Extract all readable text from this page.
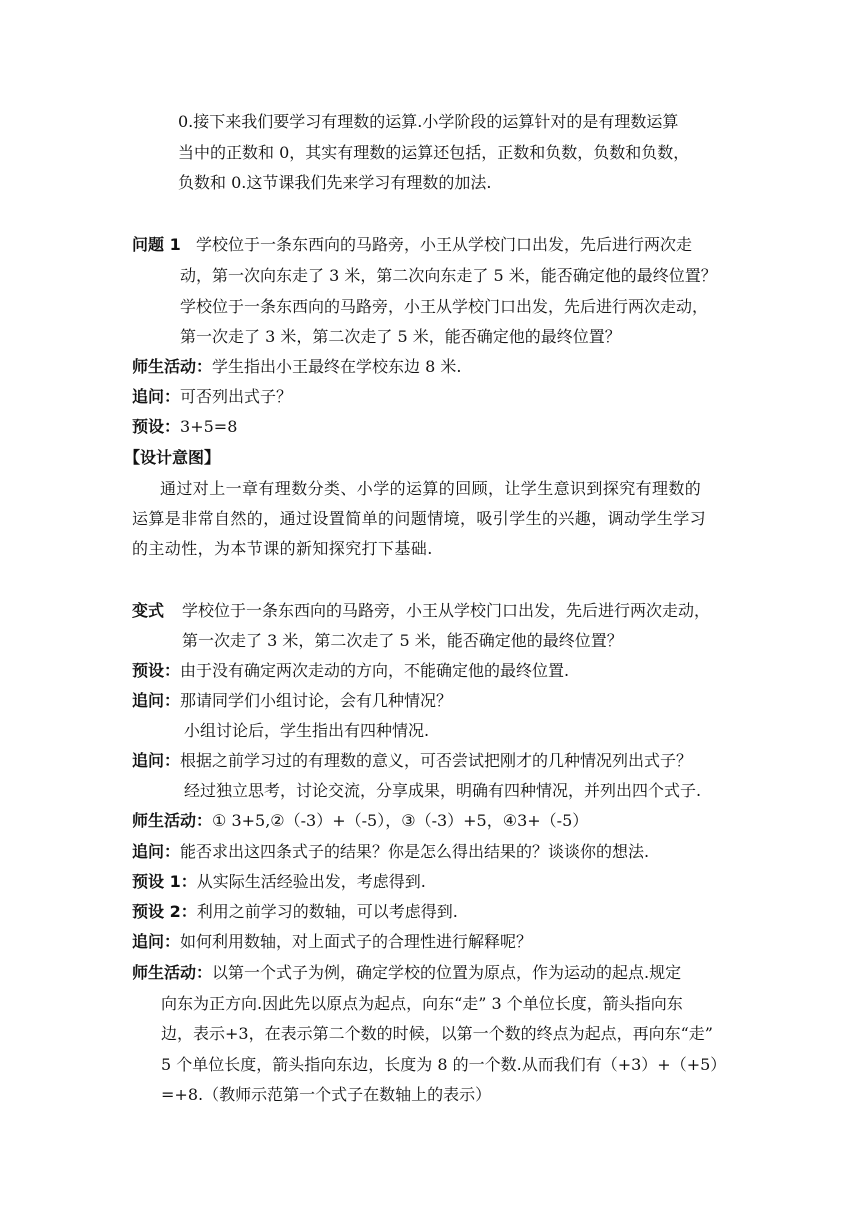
0.接下来我们要学习有理数的运算.小学阶段的运算针对的是有理数运算
当中的正数和 0，其实有理数的运算还包括，正数和负数，负数和负数，
负数和 0.这节课我们先来学习有理数的加法.
问题 1 学校位于一条东西向的马路旁，小王从学校门口出发，先后进行两次走
动，第一次向东走了 3 米，第二次向东走了 5 米，能否确定他的最终位置？
学校位于一条东西向的马路旁，小王从学校门口出发，先后进行两次走动，
第一次走了 3 米，第二次走了 5 米，能否确定他的最终位置？
师生活动：学生指出小王最终在学校东边 8 米.
追问：可否列出式子？
预设：3+5=8
【设计意图】
通过对上一章有理数分类、小学的运算的回顾，让学生意识到探究有理数的
运算是非常自然的，通过设置简单的问题情境，吸引学生的兴趣，调动学生学习
的主动性，为本节课的新知探究打下基础.
变式 学校位于一条东西向的马路旁，小王从学校门口出发，先后进行两次走动，
第一次走了 3 米，第二次走了 5 米，能否确定他的最终位置？
预设：由于没有确定两次走动的方向，不能确定他的最终位置.
追问：那请同学们小组讨论，会有几种情况？
小组讨论后，学生指出有四种情况.
追问：根据之前学习过的有理数的意义，可否尝试把刚才的几种情况列出式子？
经过独立思考，讨论交流，分享成果，明确有四种情况，并列出四个式子.
师生活动：① 3+5,②（-3）+（-5），③（-3）+5，④3+（-5）
追问：能否求出这四条式子的结果？你是怎么得出结果的？谈谈你的想法.
预设 1：从实际生活经验出发，考虑得到.
预设 2：利用之前学习的数轴，可以考虑得到.
追问：如何利用数轴，对上面式子的合理性进行解释呢？
师生活动：以第一个式子为例，确定学校的位置为原点，作为运动的起点.规定
向东为正方向.因此先以原点为起点，向东“走” 3 个单位长度，箭头指向东
边，表示+3，在表示第二个数的时候，以第一个数的终点为起点，再向东“走”
5 个单位长度，箭头指向东边，长度为 8 的一个数.从而我们有（+3）+（+5）
=+8.（教师示范第一个式子在数轴上的表示）
